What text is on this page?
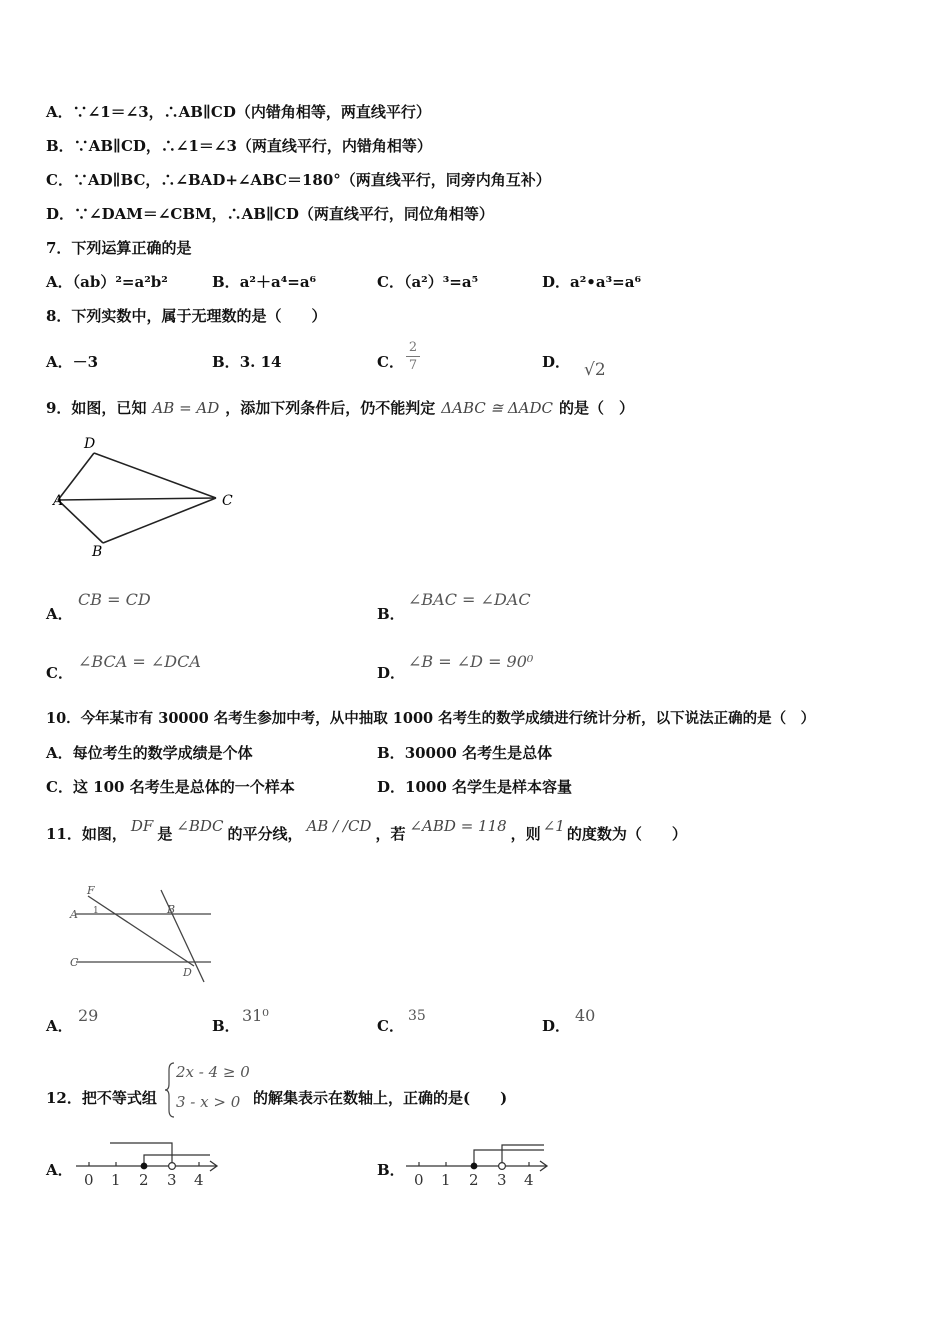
A．∵∠1＝∠3，∴AB∥CD（内错角相等，两直线平行）
B．∵AB∥CD，∴∠1＝∠3（两直线平行，内错角相等）
C．∵AD∥BC，∴∠BAD+∠ABC＝180°（两直线平行，同旁内角互补）
D．∵∠DAM＝∠CBM，∴AB∥CD（两直线平行，同位角相等）
7．下列运算正确的是
A．（ab）²=a²b²	B．a²＋a⁴=a⁶	C．（a²）³=a⁵	D．a²•a³=a⁶
8．下列实数中，属于无理数的是（　　）
A．－3	B．3. 14	C．
2
7	D． √2
9．如图，已知 AB = AD ，添加下列条件后，仍不能判定 ΔABC ≅ ΔADC 的是（　）
D
A	C
B
A．
CB = CD
B．
∠BAC = ∠DAC
C．
∠BCA = ∠DCA
D．
∠B = ∠D = 90⁰
10．今年某市有 30000 名考生参加中考，从中抽取 1000 名考生的数学成绩进行统计分析，以下说法正确的是（　）
A．每位考生的数学成绩是个体	B．30000 名考生是总体
C．这 100 名考生是总体的一个样本	D．1000 名学生是样本容量
11．如图， DF 是 ∠BDC 的平分线， AB / /CD ，若 ∠ABD = 118 ，则 ∠1 的度数为（　　）
F
A 1	B
C
D
A．
29
B．
31⁰
C．
35
D．
40
12．把不等式组
2x - 4 ≥ 0
3 - x > 0 的解集表示在数轴上，正确的是(　　)
A．
0 1 2 3 4
B．
0 1 2 3 4
